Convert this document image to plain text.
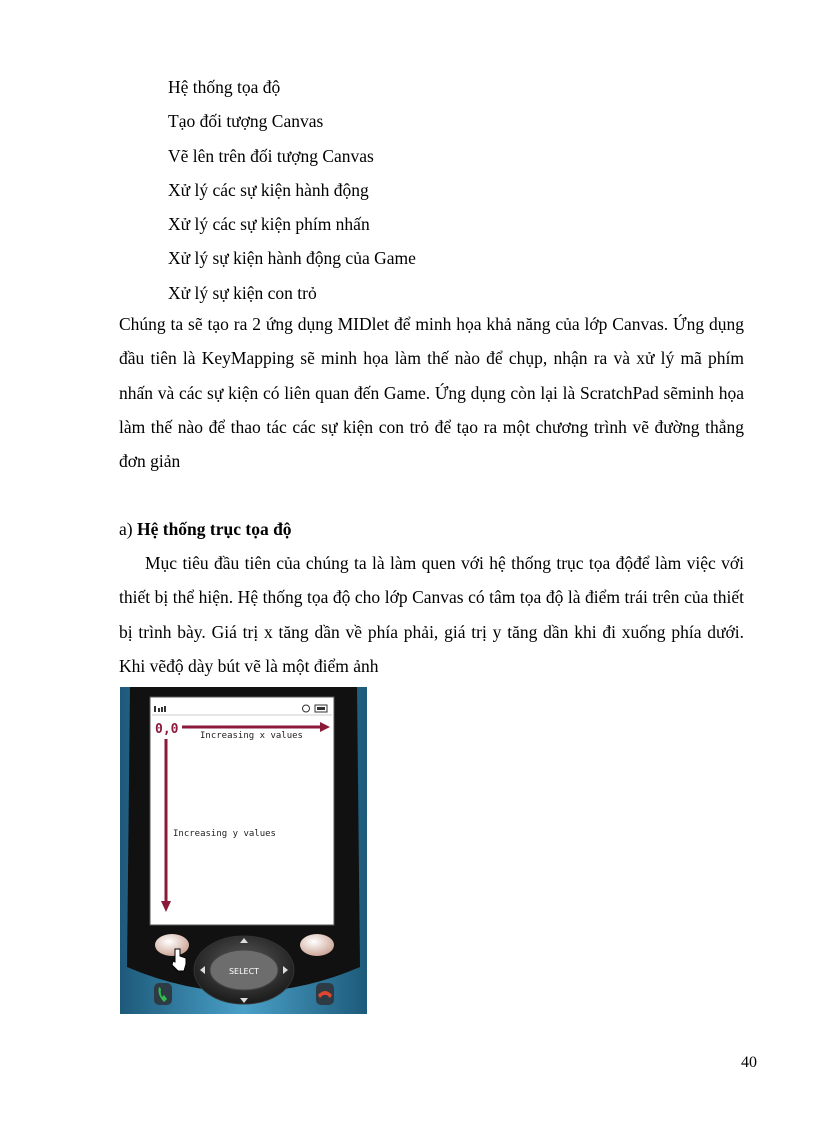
Hệ thống tọa độ
Tạo đối tượng Canvas
Vẽ lên trên đối tượng Canvas
Xử lý các sự kiện hành động
Xử lý các sự kiện phím nhấn
Xử lý sự kiện hành động của Game
Xử lý sự kiện con trỏ

Chúng ta sẽ tạo ra 2 ứng dụng MIDlet để minh họa khả năng của lớp Canvas. Ứng dụng đầu tiên là KeyMapping sẽ minh họa làm thế nào để chụp, nhận ra và xử lý mã phím nhấn và các sự kiện có liên quan đến Game. Ứng dụng còn lại là ScratchPad sẽminh họa làm thế nào để thao tác các sự kiện con trỏ để tạo ra một chương trình vẽ đường thẳng đơn giản

a) Hệ thống trục tọa độ

Mục tiêu đầu tiên của chúng ta là làm quen với hệ thống trục tọa độđể làm việc với thiết bị thể hiện. Hệ thống tọa độ cho lớp Canvas có tâm tọa độ là điểm trái trên của thiết bị trình bày. Giá trị x tăng dần về phía phải, giá trị y tăng dần khi đi xuống phía dưới. Khi vẽđộ dày bút vẽ là một điểm ảnh

0,0 Increasing x values
Increasing y values
SELECT
40
